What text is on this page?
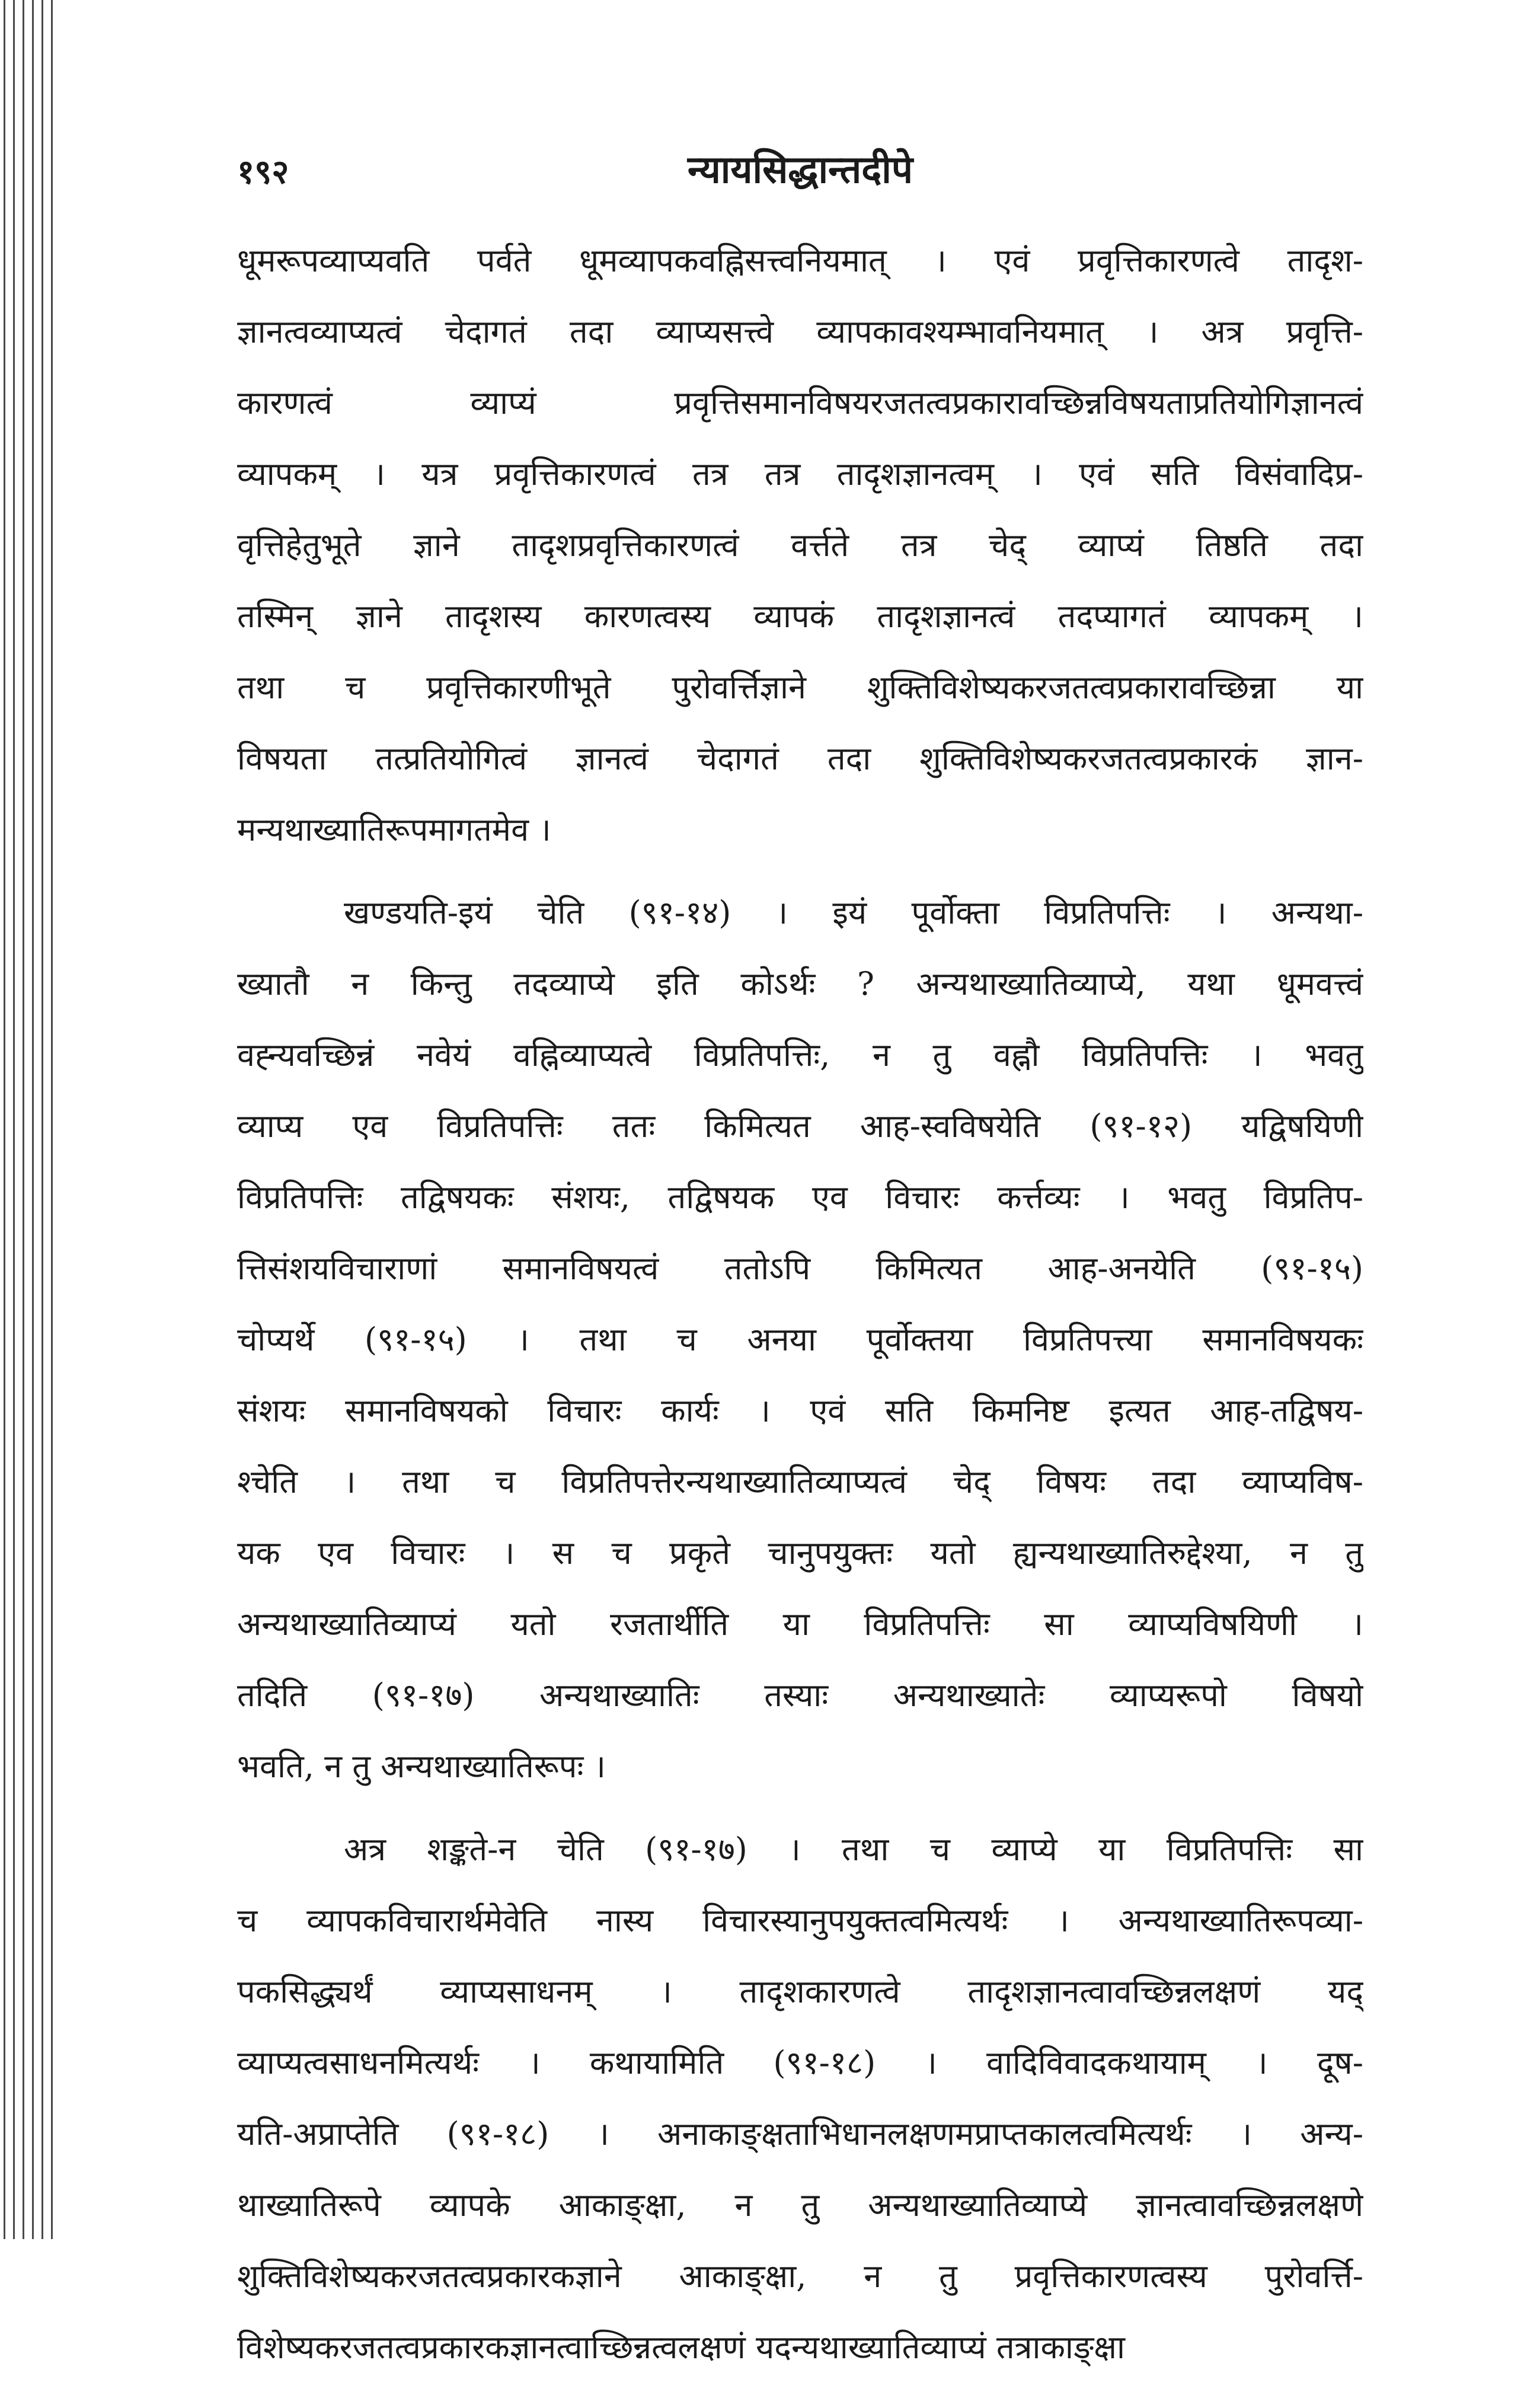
१९२	न्यायसिद्धान्तदीपे
धूमरूपव्याप्यवति पर्वते धूमव्यापकवह्निसत्त्वनियमात् । एवं प्रवृत्तिकारणत्वे तादृश-
ज्ञानत्वव्याप्यत्वं चेदागतं तदा व्याप्यसत्त्वे व्यापकावश्यम्भावनियमात् । अत्र प्रवृत्ति-
कारणत्वं व्याप्यं प्रवृत्तिसमानविषयरजतत्वप्रकारावच्छिन्नविषयताप्रतियोगिज्ञानत्वं
व्यापकम् । यत्र प्रवृत्तिकारणत्वं तत्र तत्र तादृशज्ञानत्वम् । एवं सति विसंवादिप्र-
वृत्तिहेतुभूते ज्ञाने तादृशप्रवृत्तिकारणत्वं वर्त्तते तत्र चेद् व्याप्यं तिष्ठति तदा
तस्मिन् ज्ञाने तादृशस्य कारणत्वस्य व्यापकं तादृशज्ञानत्वं तदप्यागतं व्यापकम् ।
तथा च प्रवृत्तिकारणीभूते पुरोवर्त्तिज्ञाने शुक्तिविशेष्यकरजतत्वप्रकारावच्छिन्ना या
विषयता तत्प्रतियोगित्वं ज्ञानत्वं चेदागतं तदा शुक्तिविशेष्यकरजतत्वप्रकारकं ज्ञान-
मन्यथाख्यातिरूपमागतमेव ।
खण्डयति-इयं चेति (९१-१४) । इयं पूर्वोक्ता विप्रतिपत्तिः । अन्यथा-
ख्यातौ न किन्तु तदव्याप्ये इति कोऽर्थः ? अन्यथाख्यातिव्याप्ये, यथा धूमवत्त्वं
वह्न्यवच्छिन्नं नवेयं वह्निव्याप्यत्वे विप्रतिपत्तिः, न तु वह्नौ विप्रतिपत्तिः । भवतु
व्याप्य एव विप्रतिपत्तिः ततः किमित्यत आह-स्वविषयेति (९१-१२) यद्विषयिणी
विप्रतिपत्तिः तद्विषयकः संशयः, तद्विषयक एव विचारः कर्त्तव्यः । भवतु विप्रतिप-
त्तिसंशयविचाराणां समानविषयत्वं ततोऽपि किमित्यत आह-अनयेति (९१-१५)
चोप्यर्थे (९१-१५) । तथा च अनया पूर्वोक्तया विप्रतिपत्त्या समानविषयकः
संशयः समानविषयको विचारः कार्यः । एवं सति किमनिष्ट इत्यत आह-तद्विषय-
श्चेति । तथा च विप्रतिपत्तेरन्यथाख्यातिव्याप्यत्वं चेद् विषयः तदा व्याप्यविष-
यक एव विचारः । स च प्रकृते चानुपयुक्तः यतो ह्यन्यथाख्यातिरुद्देश्या, न तु
अन्यथाख्यातिव्याप्यं यतो रजतार्थीति या विप्रतिपत्तिः सा व्याप्यविषयिणी ।
तदिति (९१-१७) अन्यथाख्यातिः तस्याः अन्यथाख्यातेः व्याप्यरूपो विषयो
भवति, न तु अन्यथाख्यातिरूपः ।
अत्र शङ्कते-न चेति (९१-१७) । तथा च व्याप्ये या विप्रतिपत्तिः सा
च व्यापकविचारार्थमेवेति नास्य विचारस्यानुपयुक्तत्वमित्यर्थः । अन्यथाख्यातिरूपव्या-
पकसिद्ध्यर्थं व्याप्यसाधनम् । तादृशकारणत्वे तादृशज्ञानत्वावच्छिन्नलक्षणं यद्
व्याप्यत्वसाधनमित्यर्थः । कथायामिति (९१-१८) । वादिविवादकथायाम् । दूष-
यति-अप्राप्तेति (९१-१८) । अनाकाङ्क्षताभिधानलक्षणमप्राप्तकालत्वमित्यर्थः । अन्य-
थाख्यातिरूपे व्यापके आकाङ्क्षा, न तु अन्यथाख्यातिव्याप्ये ज्ञानत्वावच्छिन्नलक्षणे
शुक्तिविशेष्यकरजतत्वप्रकारकज्ञाने आकाङ्क्षा, न तु प्रवृत्तिकारणत्वस्य पुरोवर्त्ति-
विशेष्यकरजतत्वप्रकारकज्ञानत्वाच्छिन्नत्वलक्षणं यदन्यथाख्यातिव्याप्यं तत्राकाङ्क्षा
